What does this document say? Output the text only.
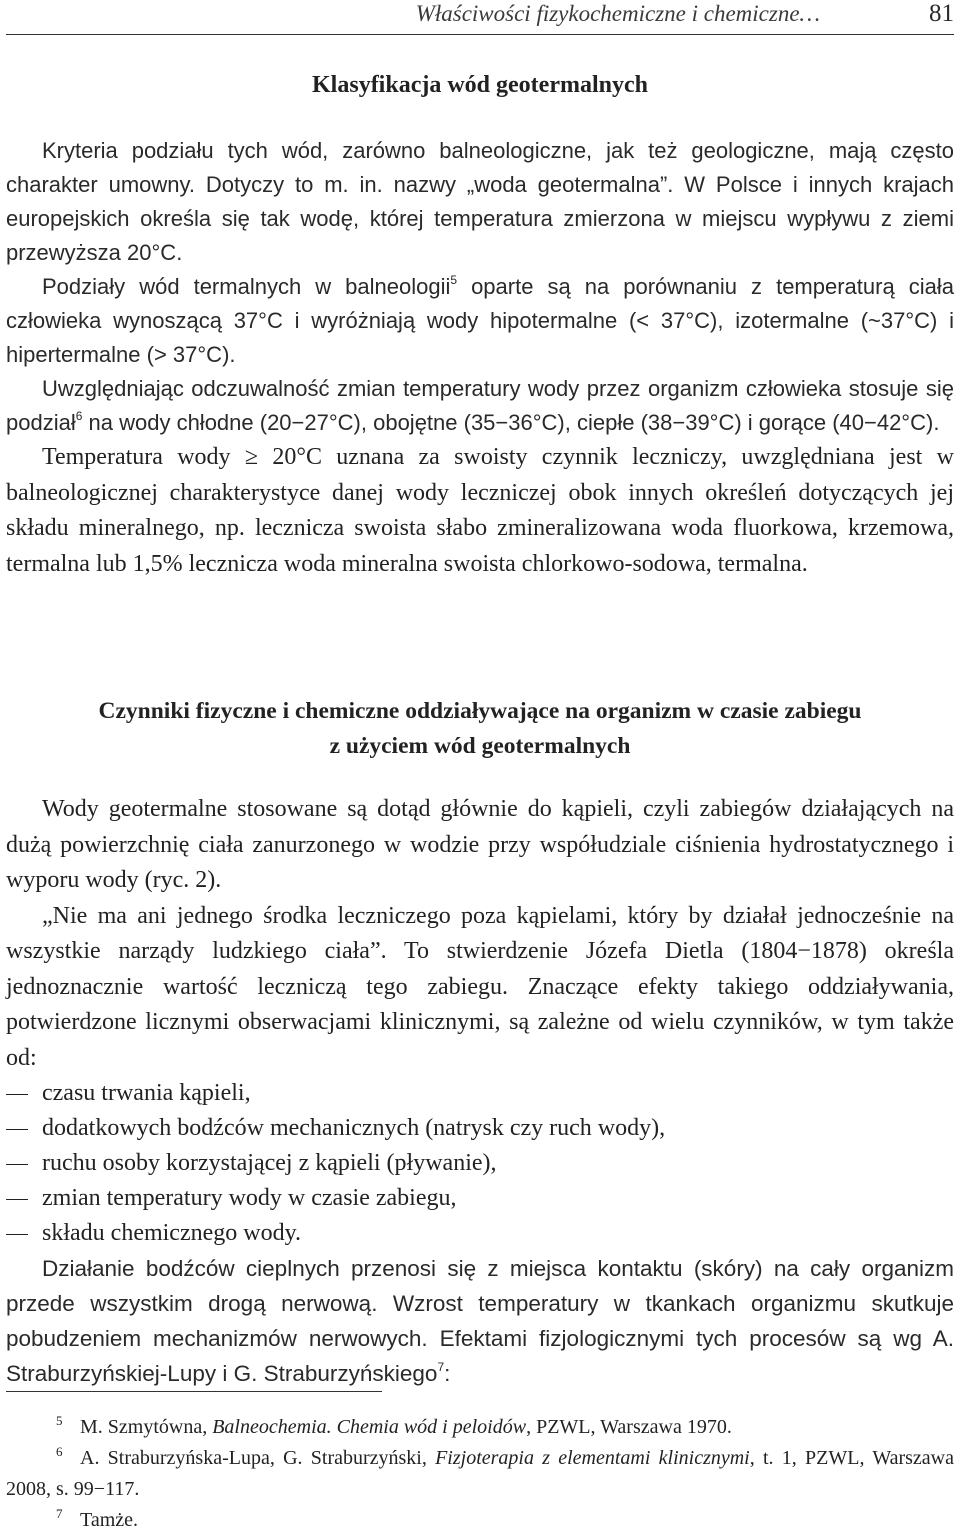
Właściwości fizykochemiczne i chemiczne…	81
Klasyfikacja wód geotermalnych

Kryteria podziału tych wód, zarówno balneologiczne, jak też geologiczne, mają często charakter umowny. Dotyczy to m. in. nazwy „woda geotermalna”. W Polsce i innych krajach europejskich określa się tak wodę, której temperatura zmierzona w miejscu wypływu z ziemi przewyższa 20°C.

Podziały wód termalnych w balneologii$^5$ oparte są na porównaniu z temperaturą ciała człowieka wynoszącą 37°C i wyróżniają wody hipotermalne (< 37°C), izotermalne (~37°C) i hipertermalne (> 37°C).

Uwzględniając odczuwalność zmian temperatury wody przez organizm człowieka stosuje się podział$^6$ na wody chłodne (20−27°C), obojętne (35−36°C), ciepłe (38−39°C) i gorące (40−42°C).

Temperatura wody ≥ 20°C uznana za swoisty czynnik leczniczy, uwzględniana jest w balneologicznej charakterystyce danej wody leczniczej obok innych określeń dotyczących jej składu mineralnego, np. lecznicza swoista słabo zmineralizowana woda fluorkowa, krzemowa, termalna lub 1,5% lecznicza woda mineralna swoista chlorkowo-sodowa, termalna.

Czynniki fizyczne i chemiczne oddziaływające na organizm w czasie zabiegu
z użyciem wód geotermalnych

Wody geotermalne stosowane są dotąd głównie do kąpieli, czyli zabiegów działających na dużą powierzchnię ciała zanurzonego w wodzie przy współudziale ciśnienia hydrostatycznego i wyporu wody (ryc. 2).

„Nie ma ani jednego środka leczniczego poza kąpielami, który by działał jednocześnie na wszystkie narządy ludzkiego ciała”. To stwierdzenie Józefa Dietla (1804−1878) określa jednoznacznie wartość leczniczą tego zabiegu. Znaczące efekty takiego oddziaływania, potwierdzone licznymi obserwacjami klinicznymi, są zależne od wielu czynników, w tym także od:

czasu trwania kąpieli,
dodatkowych bodźców mechanicznych (natrysk czy ruch wody),
ruchu osoby korzystającej z kąpieli (pływanie),
zmian temperatury wody w czasie zabiegu,
składu chemicznego wody.

Działanie bodźców cieplnych przenosi się z miejsca kontaktu (skóry) na cały organizm przede wszystkim drogą nerwową. Wzrost temperatury w tkankach organizmu skutkuje pobudzeniem mechanizmów nerwowych. Efektami fizjologicznymi tych procesów są wg A. Straburzyńskiej-Lupy i G. Straburzyńskiego$^7$:

$^5$ M. Szmytówna, Balneochemia. Chemia wód i peloidów, PZWL, Warszawa 1970.

$^6$ A. Straburzyńska-Lupa, G. Straburzyński, Fizjoterapia z elementami klinicznymi, t. 1, PZWL, Warszawa 2008, s. 99−117.

$^7$ Tamże.
